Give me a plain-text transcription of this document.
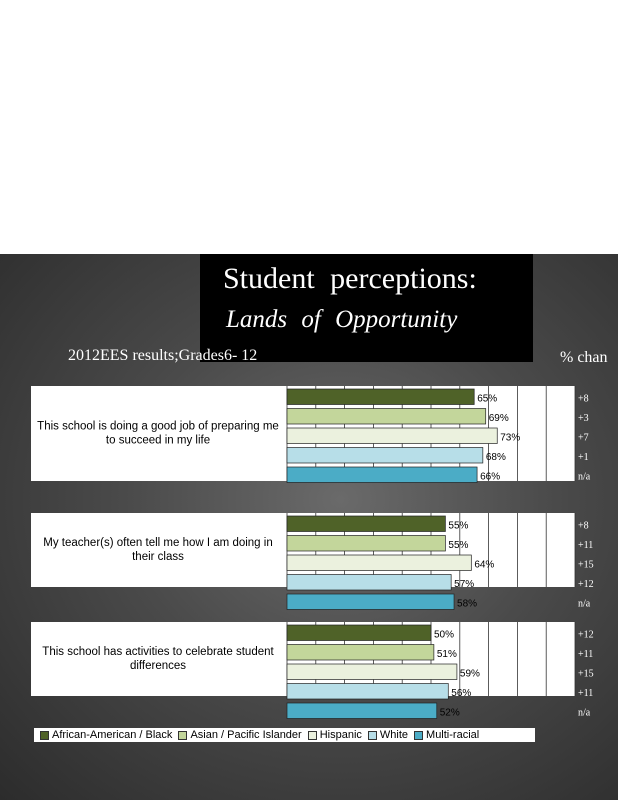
This school is doing a good job of preparing me to succeed in my life
65%
69%
73%
68%
66%
+8
+3
+7
+1
n/a
My teacher(s) often tell me how I am doing in their class
55%
55%
64%
57%
58%
+8
+11
+15
+12
n/a
This school has activities to celebrate student differences
50%
51%
59%
56%
52%
+12
+11
+15
+11
n/a
Student perceptions:
Lands of Opportunity
2012EES results;Grades6- 12	% chan
African-American / Black Asian / Pacific Islander Hispanic White Multi-racial
